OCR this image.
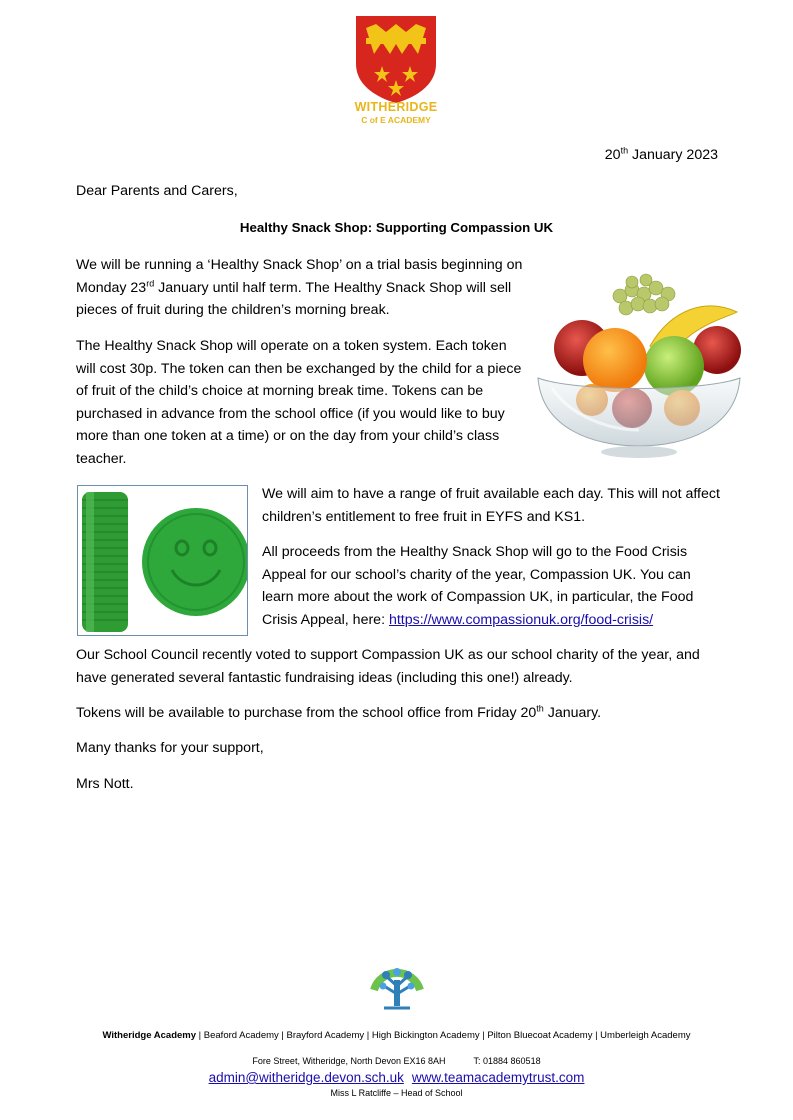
WITHERIDGE
C of E ACADEMY
20th January 2023
Dear Parents and Carers,
Healthy Snack Shop: Supporting Compassion UK
We will be running a ‘Healthy Snack Shop’ on a trial basis beginning on Monday 23rd January until half term. The Healthy Snack Shop will sell pieces of fruit during the children’s morning break.
The Healthy Snack Shop will operate on a token system. Each token will cost 30p. The token can then be exchanged by the child for a piece of fruit of the child’s choice at morning break time. Tokens can be purchased in advance from the school office (if you would like to buy more than one token at a time) or on the day from your child’s class teacher.
We will aim to have a range of fruit available each day. This will not affect children’s entitlement to free fruit in EYFS and KS1.
All proceeds from the Healthy Snack Shop will go to the Food Crisis Appeal for our school’s charity of the year, Compassion UK. You can learn more about the work of Compassion UK, in particular, the Food Crisis Appeal, here: https://www.compassionuk.org/food-crisis/
Our School Council recently voted to support Compassion UK as our school charity of the year, and have generated several fantastic fundraising ideas (including this one!) already.
Tokens will be available to purchase from the school office from Friday 20th January.
Many thanks for your support,
Mrs Nott.
Witheridge Academy | Beaford Academy | Brayford Academy | High Bickington Academy | Pilton Bluecoat Academy | Umberleigh Academy
Fore Street, Witheridge, North Devon EX16 8AH	T: 01884 860518
admin@witheridge.devon.sch.uk www.teamacademytrust.com
Miss L Ratcliffe – Head of School
